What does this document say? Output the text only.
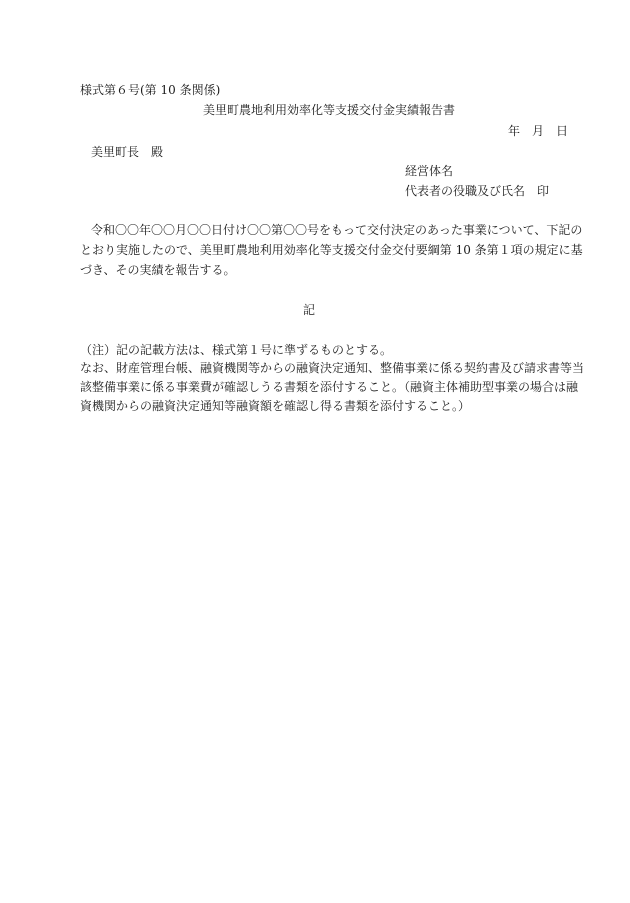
様式第６号(第 10 条関係)
美里町農地利用効率化等支援交付金実績報告書
年　月　日
美里町長　殿
経営体名
代表者の役職及び氏名　印
令和〇〇年〇〇月〇〇日付け〇〇第〇〇号をもって交付決定のあった事業について、下記の
とおり実施したので、美里町農地利用効率化等支援交付金交付要綱第 10 条第１項の規定に基
づき、その実績を報告する。
記
（注）記の記載方法は、様式第１号に準ずるものとする。
なお、財産管理台帳、融資機関等からの融資決定通知、整備事業に係る契約書及び請求書等当
該整備事業に係る事業費が確認しうる書類を添付すること。（融資主体補助型事業の場合は融
資機関からの融資決定通知等融資額を確認し得る書類を添付すること。）
